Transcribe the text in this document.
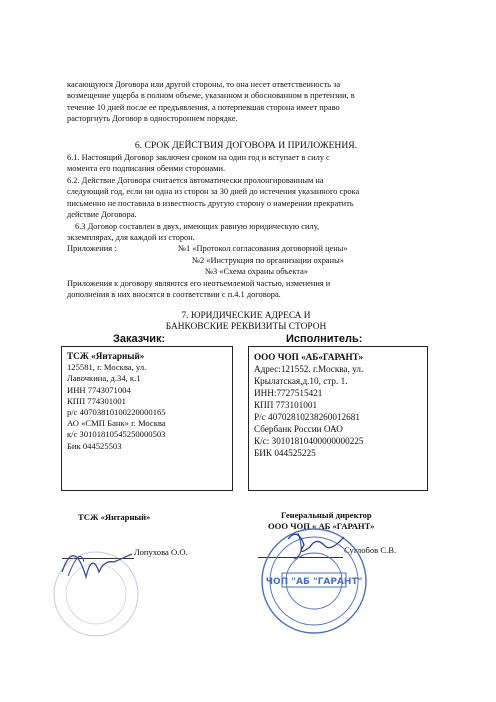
касающуюся Договора или другой стороны, то она несет ответственность за
возмещение ущерба в полном объеме, указанном и обоснованном в претензии, в
течение 10 дней после ее предъявления, а потерпевшая сторона имеет право
расторгнуть Договор в одностороннем порядке.
6. СРОК ДЕЙСТВИЯ ДОГОВОРА И ПРИЛОЖЕНИЯ.
6.1. Настоящий Договор заключен сроком на один год и вступает в силу с
момента его подписания обеими сторонами.
6.2. Действие Договора считается автоматически пролонгированным на
следующий год, если ни одна из сторон за 30 дней до истечения указанного срока
письменно не поставила в известность другую сторону о намерении прекратить
действие Договора.
6.3 Договор составлен в двух, имеющих равную юридическую силу,
экземплярах, для каждой из сторон.
Приложения :	№1 «Протокол согласования договорной цены»
№2 «Инструкция по организации охраны»
№3 «Схема охраны объекта»
Приложения к договору являются его неотъемлемой частью, изменения и
дополнения в них вносятся в соответствии с п.4.1 договора.
7. ЮРИДИЧЕСКИЕ АДРЕСА И
БАНКОВСКИЕ РЕКВИЗИТЫ СТОРОН
Заказчик:	Исполнитель:
ТСЖ «Янтарный»
125581, г. Москва, ул.
Лавочкина, д.34, к.1
ИНН 7743071004
КПП 774301001
р/с 40703810100220000165
АО «СМП Банк» г. Москва
к/с 30101810545250000503
Бик 044525503
ООО ЧОП «АБ«ГАРАНТ»
Адрес:121552. г.Москва, ул.
Крылатская,д.10, стр. 1.
ИНН:7727515421
КПП 773101001
Р/с 40702810238260012681
Сбербанк России ОАО
К/с: 30101810400000000225
БИК 044525225
ТСЖ «Янтарный»	Генеральный директор
ООО ЧОП « АБ «ГАРАНТ»
Лопухова О.О.	Суглобов С.В.
ЧОП "АБ "ГАРАНТ"
